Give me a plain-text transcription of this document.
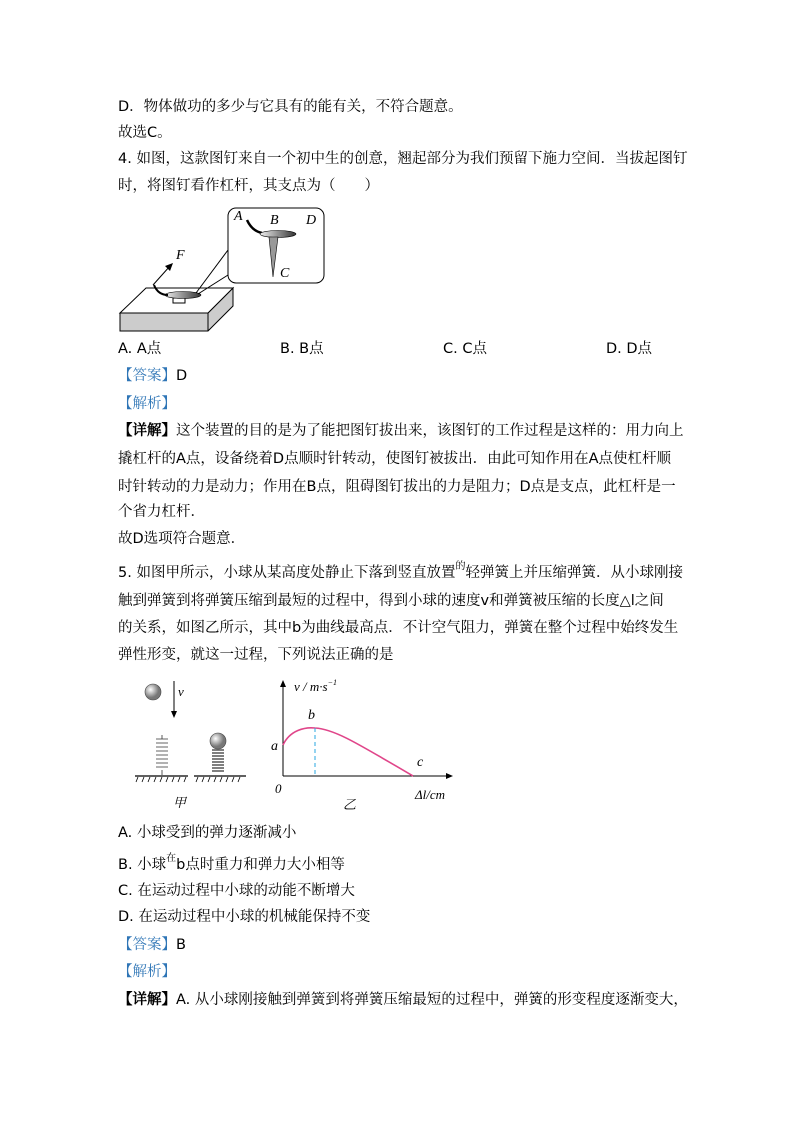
D．物体做功的多少与它具有的能有关，不符合题意。
故选C。
4. 如图，这款图钉来自一个初中生的创意，翘起部分为我们预留下施力空间．当拔起图钉
时，将图钉看作杠杆，其支点为（　　）
A B D
C
F
A. A点	B. B点	C. C点	D. D点
【答案】D
【解析】
【详解】这个装置的目的是为了能把图钉拔出来，该图钉的工作过程是这样的：用力向上
撬杠杆的A点，设备绕着D点顺时针转动，使图钉被拔出．由此可知作用在A点使杠杆顺
时针转动的力是动力；作用在B点，阻碍图钉拔出的力是阻力；D点是支点，此杠杆是一
个省力杠杆．
故D选项符合题意．
5. 如图甲所示，小球从某高度处静止下落到竖直放置$^的$轻弹簧上并压缩弹簧．从小球刚接
触到弹簧到将弹簧压缩到最短的过程中，得到小球的速度v和弹簧被压缩的长度△l之间
的关系，如图乙所示，其中b为曲线最高点．不计空气阻力，弹簧在整个过程中始终发生
弹性形变，就这一过程，下列说法正确的是
v	$v / m\cdot s^{-1}$
a
b
c
0	Δl/cm
甲	乙
A. 小球受到的弹力逐渐减小
B. 小球$^在$b点时重力和弹力大小相等
C. 在运动过程中小球的动能不断增大
D. 在运动过程中小球的机械能保持不变
【答案】B
【解析】
【详解】A. 从小球刚接触到弹簧到将弹簧压缩最短的过程中，弹簧的形变程度逐渐变大，
